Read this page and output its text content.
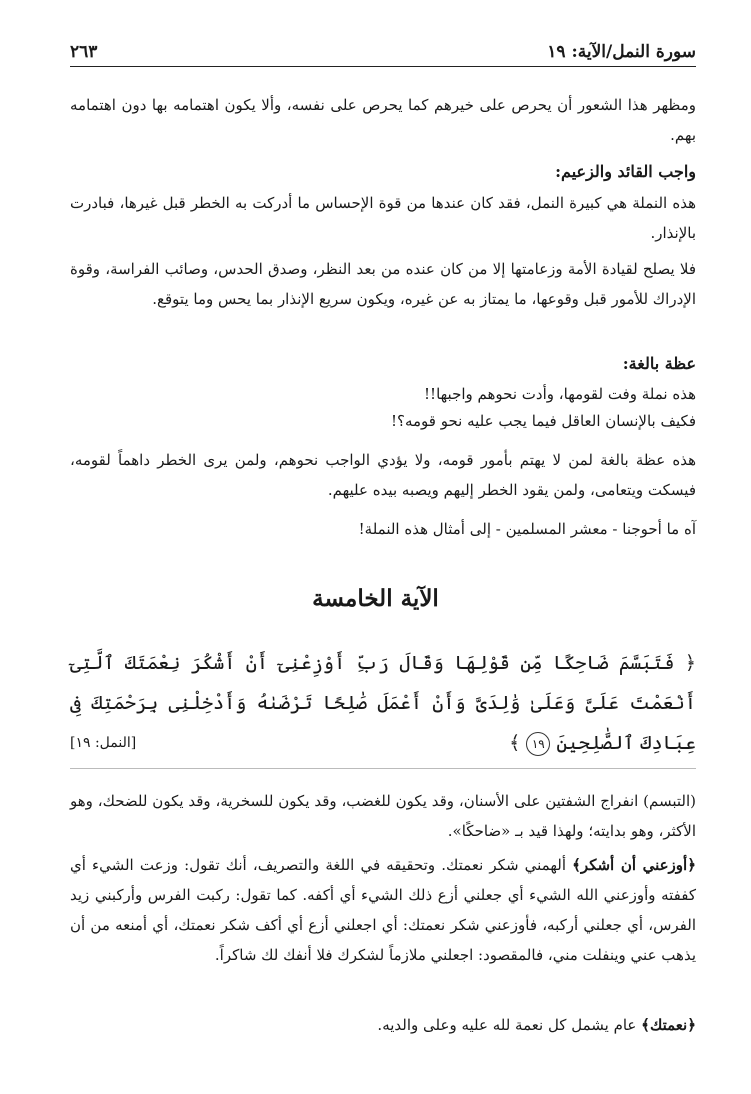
سورة النمل/الآية: ١٩
٢٦٣
ومظهر هذا الشعور أن يحرص على خيرهم كما يحرص على نفسه، وألا يكون اهتمامه بها دون اهتمامه بهم.
واجب القائد والزعيم:
هذه النملة هي كبيرة النمل، فقد كان عندها من قوة الإحساس ما أدركت به الخطر قبل غيرها، فبادرت بالإنذار.
فلا يصلح لقيادة الأمة وزعامتها إلا من كان عنده من بعد النظر، وصدق الحدس، وصائب الفراسة، وقوة الإدراك للأمور قبل وقوعها، ما يمتاز به عن غيره، ويكون سريع الإنذار بما يحس وما يتوقع.
عظة بالغة:
هذه نملة وفت لقومها، وأدت نحوهم واجبها!!
فكيف بالإنسان العاقل فيما يجب عليه نحو قومه؟!
هذه عظة بالغة لمن لا يهتم بأمور قومه، ولا يؤدي الواجب نحوهم، ولمن يرى الخطر داهماً لقومه، فيسكت ويتعامى، ولمن يقود الخطر إليهم ويصبه بيده عليهم.
آه ما أحوجنا - معشر المسلمين - إلى أمثال هذه النملة!
الآية الخامسة
﴿ فَتَبَسَّمَ ضَاحِكًا مِّن قَوْلِهَا وَقَالَ رَبِّ أَوْزِعْنِىٓ أَنْ أَشْكُرَ نِعْمَتَكَ ٱلَّتِىٓ أَنْعَمْتَ عَلَىَّ وَعَلَىٰ وَٰلِدَىَّ وَأَنْ أَعْمَلَ صَٰلِحًا تَرْضَىٰهُ وَأَدْخِلْنِى بِرَحْمَتِكَ فِى عِبَادِكَ ٱلصَّٰلِحِينَ ١٩ ﴾
[النمل: ١٩]
(التبسم) انفراج الشفتين على الأسنان، وقد يكون للغضب، وقد يكون للسخرية، وقد يكون للضحك، وهو الأكثر، وهو بدايته؛ ولهذا قيد بـ «ضاحكًا».
﴿أوزعني أن أشكر﴾ ألهمني شكر نعمتك. وتحقيقه في اللغة والتصريف، أنك تقول: وزعت الشيء أي كففته وأوزعني الله الشيء أي جعلني أزع ذلك الشيء أي أكفه. كما تقول: ركبت الفرس وأركبني زيد الفرس، أي جعلني أركبه، فأوزعني شكر نعمتك: أي اجعلني أزع أي أكف شكر نعمتك، أي أمنعه من أن يذهب عني وينفلت مني، فالمقصود: اجعلني ملازماً لشكرك فلا أنفك لك شاكراً.
﴿نعمتك﴾ عام يشمل كل نعمة لله عليه وعلى والديه.
